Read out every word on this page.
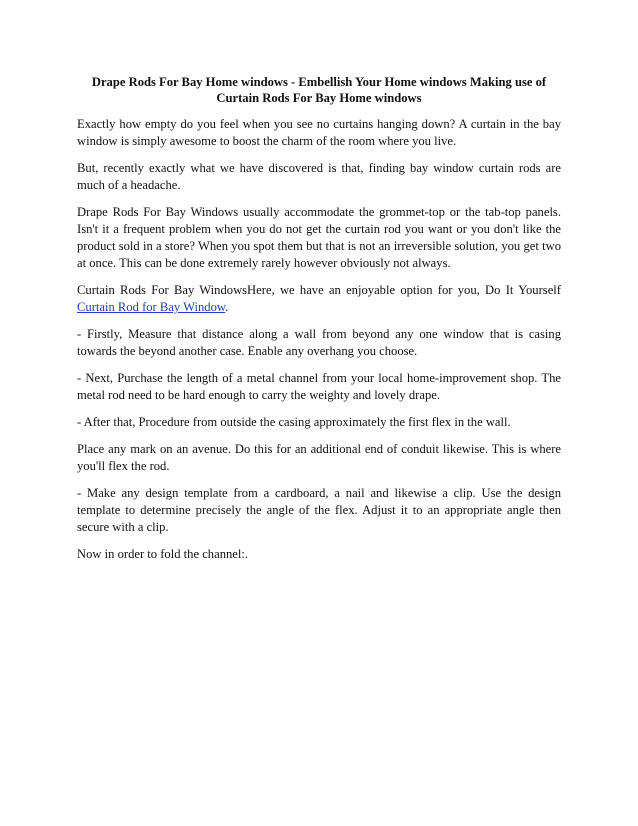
Drape Rods For Bay Home windows - Embellish Your Home windows Making use of Curtain Rods For Bay Home windows

Exactly how empty do you feel when you see no curtains hanging down? A curtain in the bay window is simply awesome to boost the charm of the room where you live.

But, recently exactly what we have discovered is that, finding bay window curtain rods are much of a headache.

Drape Rods For Bay Windows usually accommodate the grommet-top or the tab-top panels. Isn't it a frequent problem when you do not get the curtain rod you want or you don't like the product sold in a store? When you spot them but that is not an irreversible solution, you get two at once. This can be done extremely rarely however obviously not always.

Curtain Rods For Bay WindowsHere, we have an enjoyable option for you, Do It Yourself Curtain Rod for Bay Window.

- Firstly, Measure that distance along a wall from beyond any one window that is casing towards the beyond another case. Enable any overhang you choose.

- Next, Purchase the length of a metal channel from your local home-improvement shop. The metal rod need to be hard enough to carry the weighty and lovely drape.

- After that, Procedure from outside the casing approximately the first flex in the wall.

Place any mark on an avenue. Do this for an additional end of conduit likewise. This is where you'll flex the rod.

- Make any design template from a cardboard, a nail and likewise a clip. Use the design template to determine precisely the angle of the flex. Adjust it to an appropriate angle then secure with a clip.

Now in order to fold the channel:.
